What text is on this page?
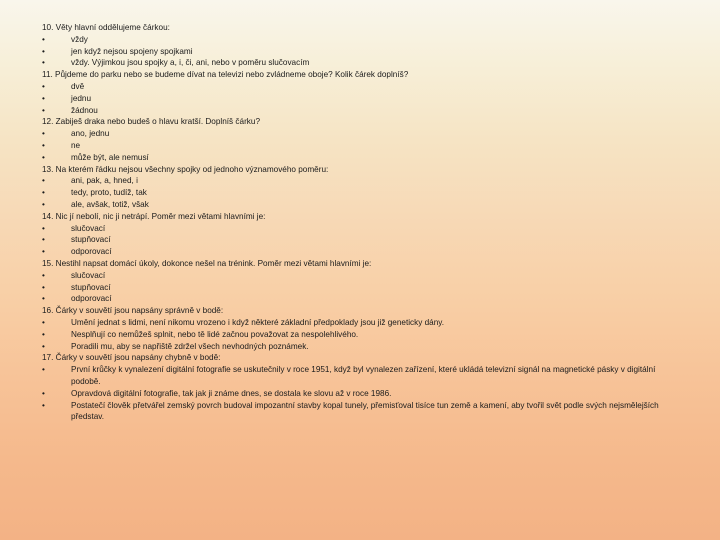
10. Věty hlavní oddělujeme čárkou:
• vždy
• jen když nejsou spojeny spojkami
• vždy. Výjimkou jsou spojky a, i, či, ani, nebo v poměru slučovacím
11. Půjdeme do parku nebo se budeme dívat na televizi nebo zvládneme oboje? Kolik čárek doplníš?
• dvě
• jednu
• žádnou
12. Zabiješ draka nebo budeš o hlavu kratší. Doplníš čárku?
• ano, jednu
• ne
• může být, ale nemusí
13. Na kterém řádku nejsou všechny spojky od jednoho významového poměru:
• ani, pak, a, hned, i
• tedy, proto, tudíž, tak
• ale, avšak, totiž, však
14. Nic jí nebolí, nic ji netrápí. Poměr mezi větami hlavními je:
• slučovací
• stupňovací
• odporovací
15. Nestihl napsat domácí úkoly, dokonce nešel na trénink. Poměr mezi větami hlavními je:
• slučovací
• stupňovací
• odporovací
16. Čárky v souvětí jsou napsány správně v bodě:
• Umění jednat s lidmi, není nikomu vrozeno i když některé základní předpoklady jsou již geneticky dány.
• Nesplňují co nemůžeš splnit, nebo tě lidé začnou považovat za nespolehlivého.
• Poradili mu, aby se napřiště zdržel všech nevhodných poznámek.
17. Čárky v souvětí jsou napsány chybně v bodě:
• První krůčky k vynalezení digitální fotografie se uskutečnily v roce 1951, když byl vynalezen zařízení, které ukládá televizní signál na magnetické pásky v digitální podobě.
• Opravdová digitální fotografie, tak jak ji známe dnes, se dostala ke slovu až v roce 1986.
• Postatečí člověk přetvářel zemský povrch budoval impozantní stavby kopal tunely, přemisťoval tisíce tun země a kamení, aby tvořil svět podle svých nejsmělejších představ.
